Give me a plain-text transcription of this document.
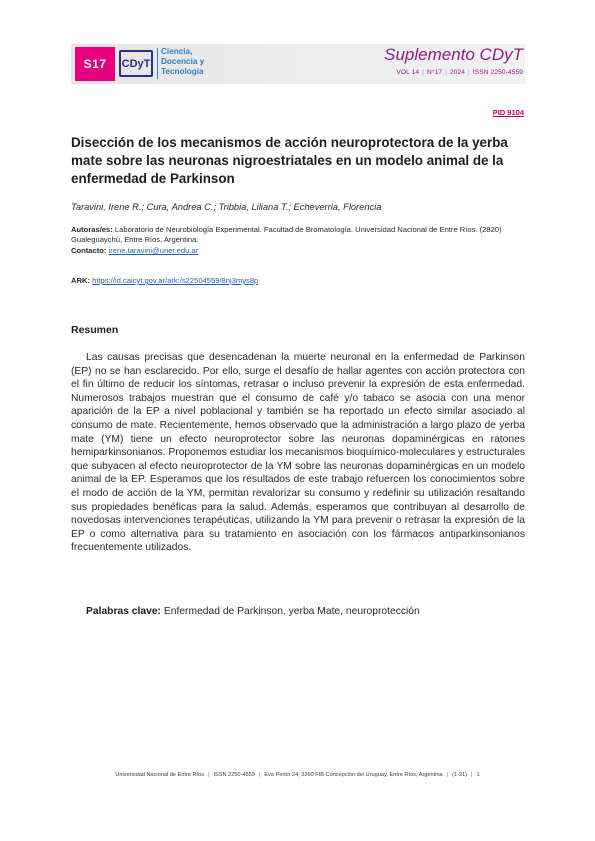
S17	CDyT
Ciencia,
Docencia y
Tecnología
Suplemento CDyT
VOL 14 | N°17 | 2024 | ISSN 2250-4559
PID 9104
Disección de los mecanismos de acción neuroprotectora de la yerba mate sobre las neuronas nigroestriatales en un modelo animal de la enfermedad de Parkinson
Taravini, Irene R.; Cura, Andrea C.; Tribbia, Liliana T.; Echeverria, Florencia
Autoras/es: Laboratorio de Neurobiología Experimental. Facultad de Bromatología. Universidad Nacional de Entre Ríos. (2820) Gualeguaychú, Entre Ríos, Argentina.
Contacto: irene.taravini@uner.edu.ar
ARK: https://id.caicyt.gov.ar/ark:/s22504559/8nj3mys8p
Resumen

Las causas precisas que desencadenan la muerte neuronal en la enfermedad de Parkinson (EP) no se han esclarecido. Por ello, surge el desafío de hallar agentes con acción protectora con el fin último de reducir los síntomas, retrasar o incluso prevenir la expresión de esta enfermedad. Numerosos trabajos muestran que el consumo de café y/o tabaco se asocia con una menor aparición de la EP a nivel poblacional y también se ha reportado un efecto similar asociado al consumo de mate. Recientemente, hemos observado que la administración a largo plazo de yerba mate (YM) tiene un efecto neuroprotector sobre las neuronas dopaminérgicas en ratones hemiparkinsonianos. Proponemos estudiar los mecanismos bioquímico-moleculares y estructurales que subyacen al efecto neuroprotector de la YM sobre las neuronas dopaminérgicas en un modelo animal de la EP. Esperamos que los resultados de este trabajo refuercen los conocimientos sobre el modo de acción de la YM, permitan revalorizar su consumo y redefinir su utilización resaltando sus propiedades benéficas para la salud. Además, esperamos que contribuyan al desarrollo de novedosas intervenciones terapéuticas, utilizando la YM para prevenir o retrasar la expresión de la EP o como alternativa para su tratamiento en asociación con los fármacos antiparkinsonianos frecuentemente utilizados.

Palabras clave: Enfermedad de Parkinson, yerba Mate, neuroprotección
Universidad Nacional de Entre Ríos | ISSN 2250-4559 | Eva Perón 24; 3260 FIB Concepción del Uruguay, Entre Ríos, Argentina | (1-21) | 1
